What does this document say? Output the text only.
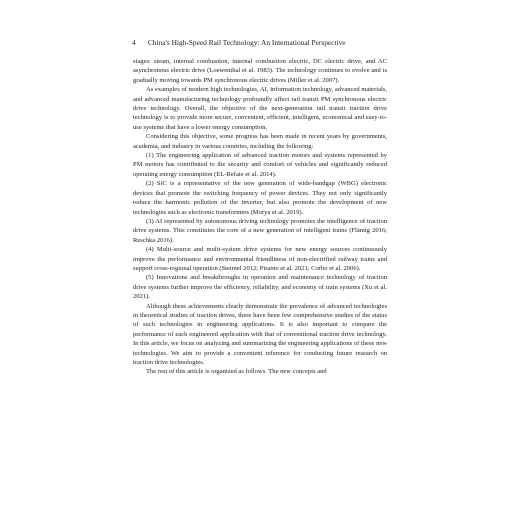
4 China's High-Speed Rail Technology: An International Perspective

stages: steam, internal combustion, internal combustion electric, DC electric drive, and AC asynchronous electric drive (Loewenthal et al. 1983). The technology continues to evolve and is gradually moving towards PM synchronous electric drives (Miller et al. 2007).

As examples of modern high technologies, AI, information technology, advanced materials, and advanced manufacturing technology profoundly affect rail transit PM synchronous electric drive technology. Overall, the objective of the next-generation rail transit traction drive technology is to provide more secure, convenient, efficient, intelligent, economical and easy-to-use systems that have a lower energy consumption.

Considering this objective, some progress has been made in recent years by governments, academia, and industry in various countries, including the following:

(1) The engineering application of advanced traction motors and systems represented by PM motors has contributed to the security and comfort of vehicles and significantly reduced operating energy consumption (EL-Refaie et al. 2014).

(2) SiC is a representative of the new generation of wide-bandgap (WBG) electronic devices that promote the switching frequency of power devices. They not only significantly reduce the harmonic pollution of the inverter, but also promote the development of new technologies such as electronic transformers (Morya et al. 2019).

(3) AI represented by autonomous driving technology promotes the intelligence of traction drive systems. This constitutes the core of a new generation of intelligent trains (Flämig 2016; Reschka 2016).

(4) Multi-source and multi-system drive systems for new energy sources continuously improve the performance and environmental friendliness of non-electrified railway trains and support cross-regional operation (Steimel 2012; Piraino et al. 2021; Corbo et al. 2006).

(5) Innovations and breakthroughs in operation and maintenance technology of traction drive systems further improve the efficiency, reliability, and economy of train systems (Xu et al. 2021).

Although these achievements clearly demonstrate the prevalence of advanced technologies in theoretical studies of traction drives, there have been few comprehensive studies of the status of such technologies in engineering applications. It is also important to compare the performance of each engineered application with that of conventional traction drive technology. In this article, we focus on analyzing and summarizing the engineering applications of these new technologies. We aim to provide a convenient reference for conducting future research on traction drive technologies.

The rest of this article is organized as follows. The new concepts and
